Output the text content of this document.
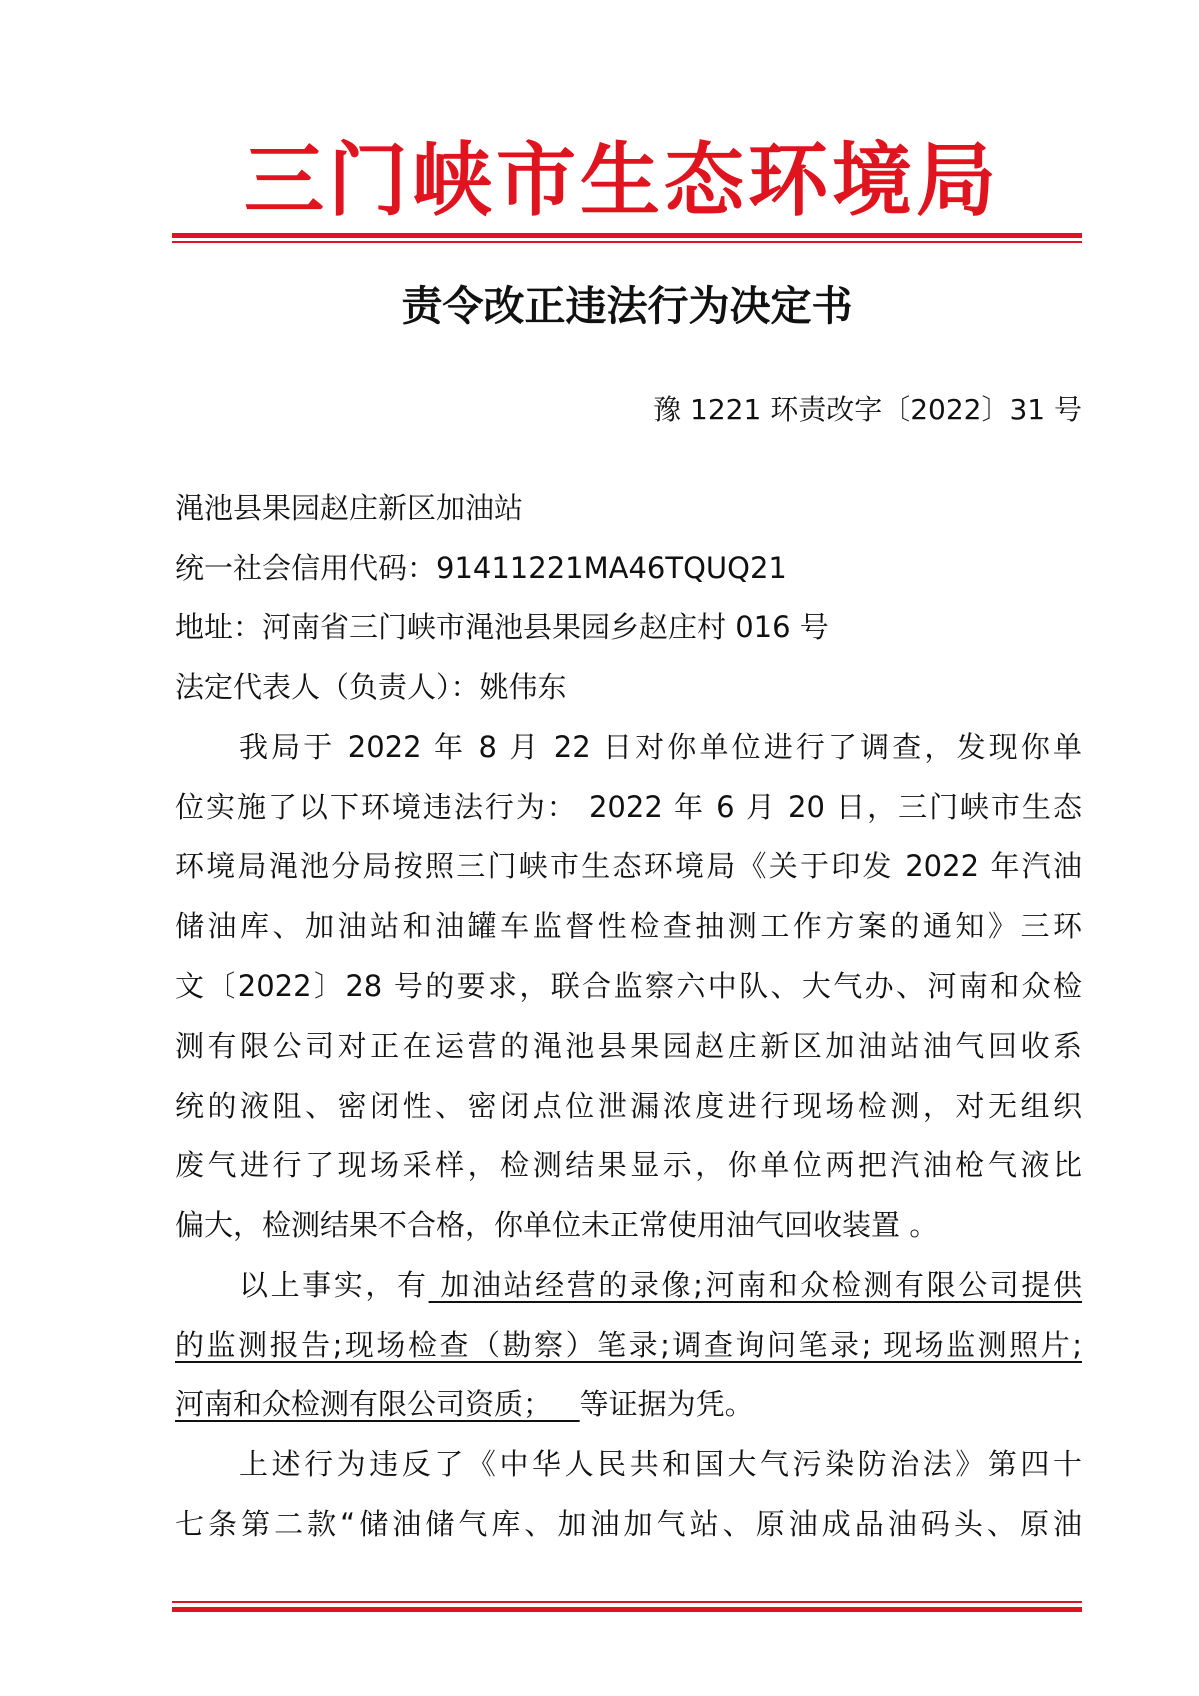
三门峡市生态环境局
责令改正违法行为决定书
豫 1221 环责改字〔2022〕31 号
渑池县果园赵庄新区加油站
统一社会信用代码：91411221MA46TQUQ21
地址：河南省三门峡市渑池县果园乡赵庄村 016 号
法定代表人（负责人）：姚伟东
我局于 2022 年 8 月 22 日对你单位进行了调查，发现你单
位实施了以下环境违法行为： 2022 年 6 月 20 日，三门峡市生态
环境局渑池分局按照三门峡市生态环境局《关于印发 2022 年汽油
储油库、加油站和油罐车监督性检查抽测工作方案的通知》三环
文〔2022〕28 号的要求，联合监察六中队、大气办、河南和众检
测有限公司对正在运营的渑池县果园赵庄新区加油站油气回收系
统的液阻、密闭性、密闭点位泄漏浓度进行现场检测，对无组织
废气进行了现场采样，检测结果显示，你单位两把汽油枪气液比
偏大，检测结果不合格，你单位未正常使用油气回收装置 。
以上事实，有 加油站经营的录像;河南和众检测有限公司提供
的监测报告;现场检查（勘察）笔录;调查询问笔录; 现场监测照片;
河南和众检测有限公司资质；   等证据为凭。
上述行为违反了《中华人民共和国大气污染防治法》第四十
七条第二款“储油储气库、加油加气站、原油成品油码头、原油
